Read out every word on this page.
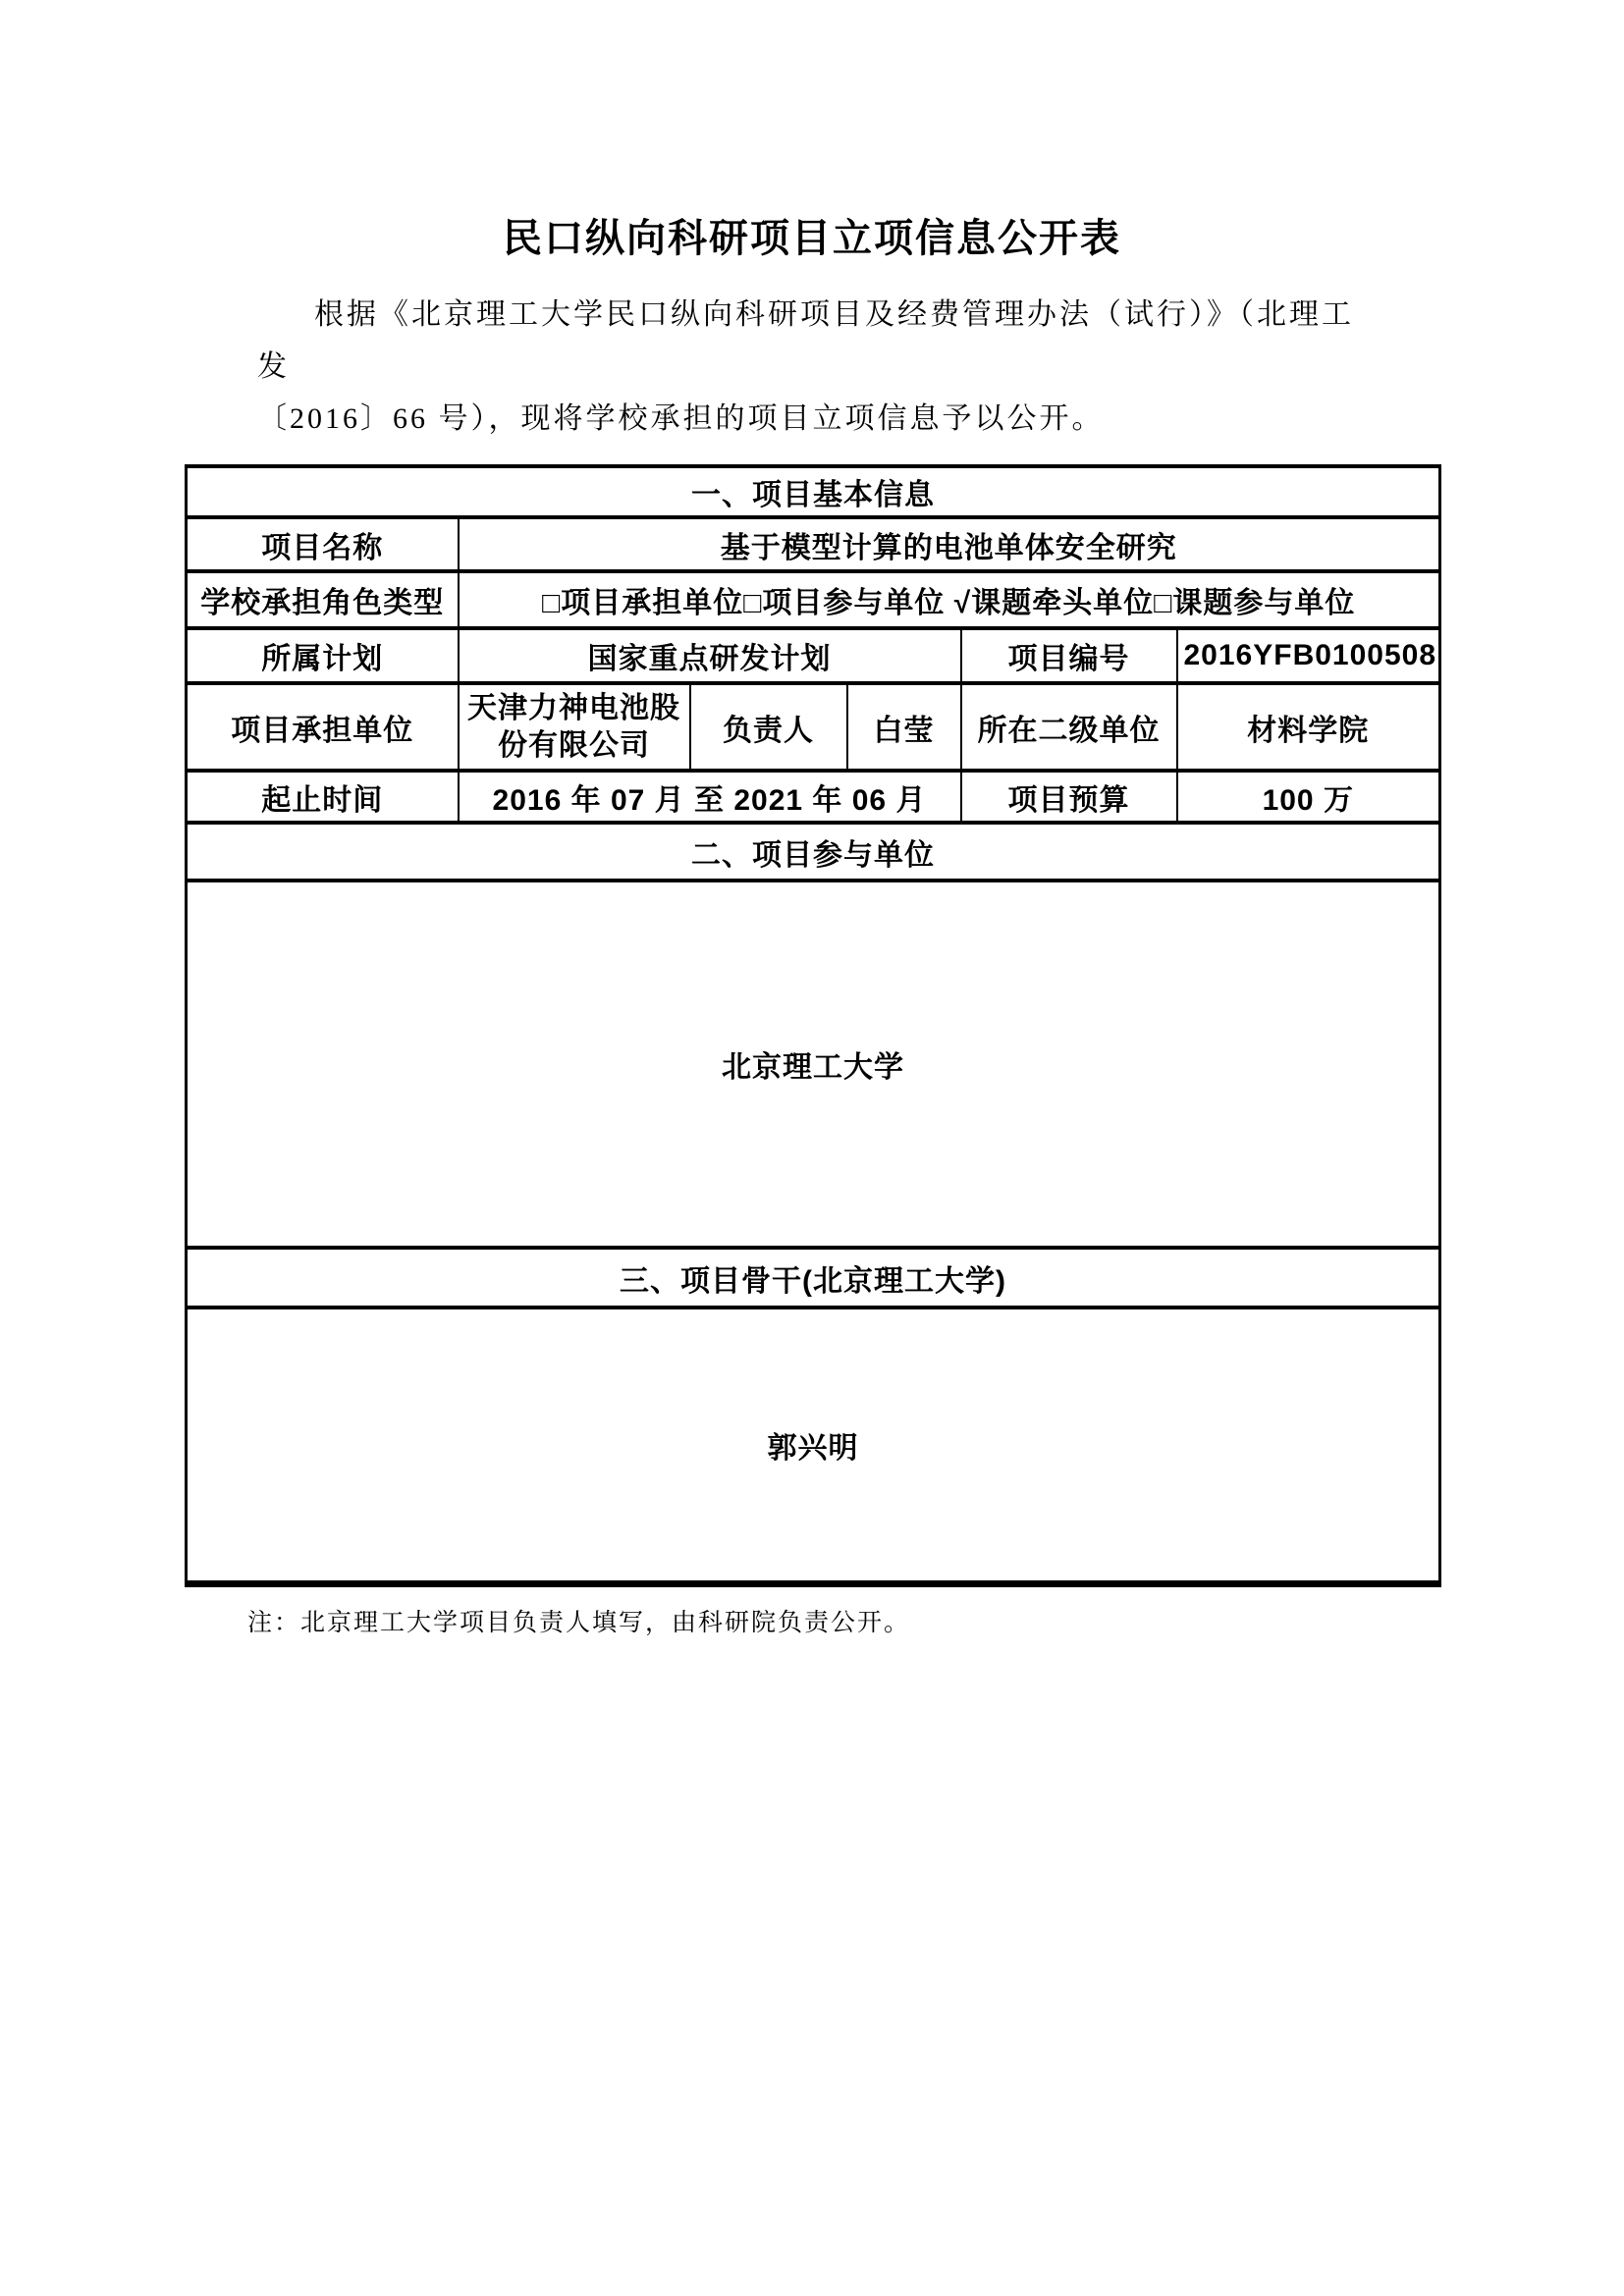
民口纵向科研项目立项信息公开表
根据《北京理工大学民口纵向科研项目及经费管理办法（试行）》（北理工发
〔2016〕66 号），现将学校承担的项目立项信息予以公开。
一、项目基本信息					
项目名称	基于模型计算的电池单体安全研究				
学校承担角色类型	□项目承担单位□项目参与单位 √课题牵头单位□课题参与单位				
所属计划	国家重点研发计划			项目编号	2016YFB0100508
项目承担单位	天津力神电池股份有限公司	负责人	白莹	所在二级单位	材料学院
起止时间	2016 年 07 月 至 2021 年 06 月			项目预算	100 万
二、项目参与单位					
北京理工大学					
三、项目骨干(北京理工大学)					
郭兴明					
注：北京理工大学项目负责人填写，由科研院负责公开。
